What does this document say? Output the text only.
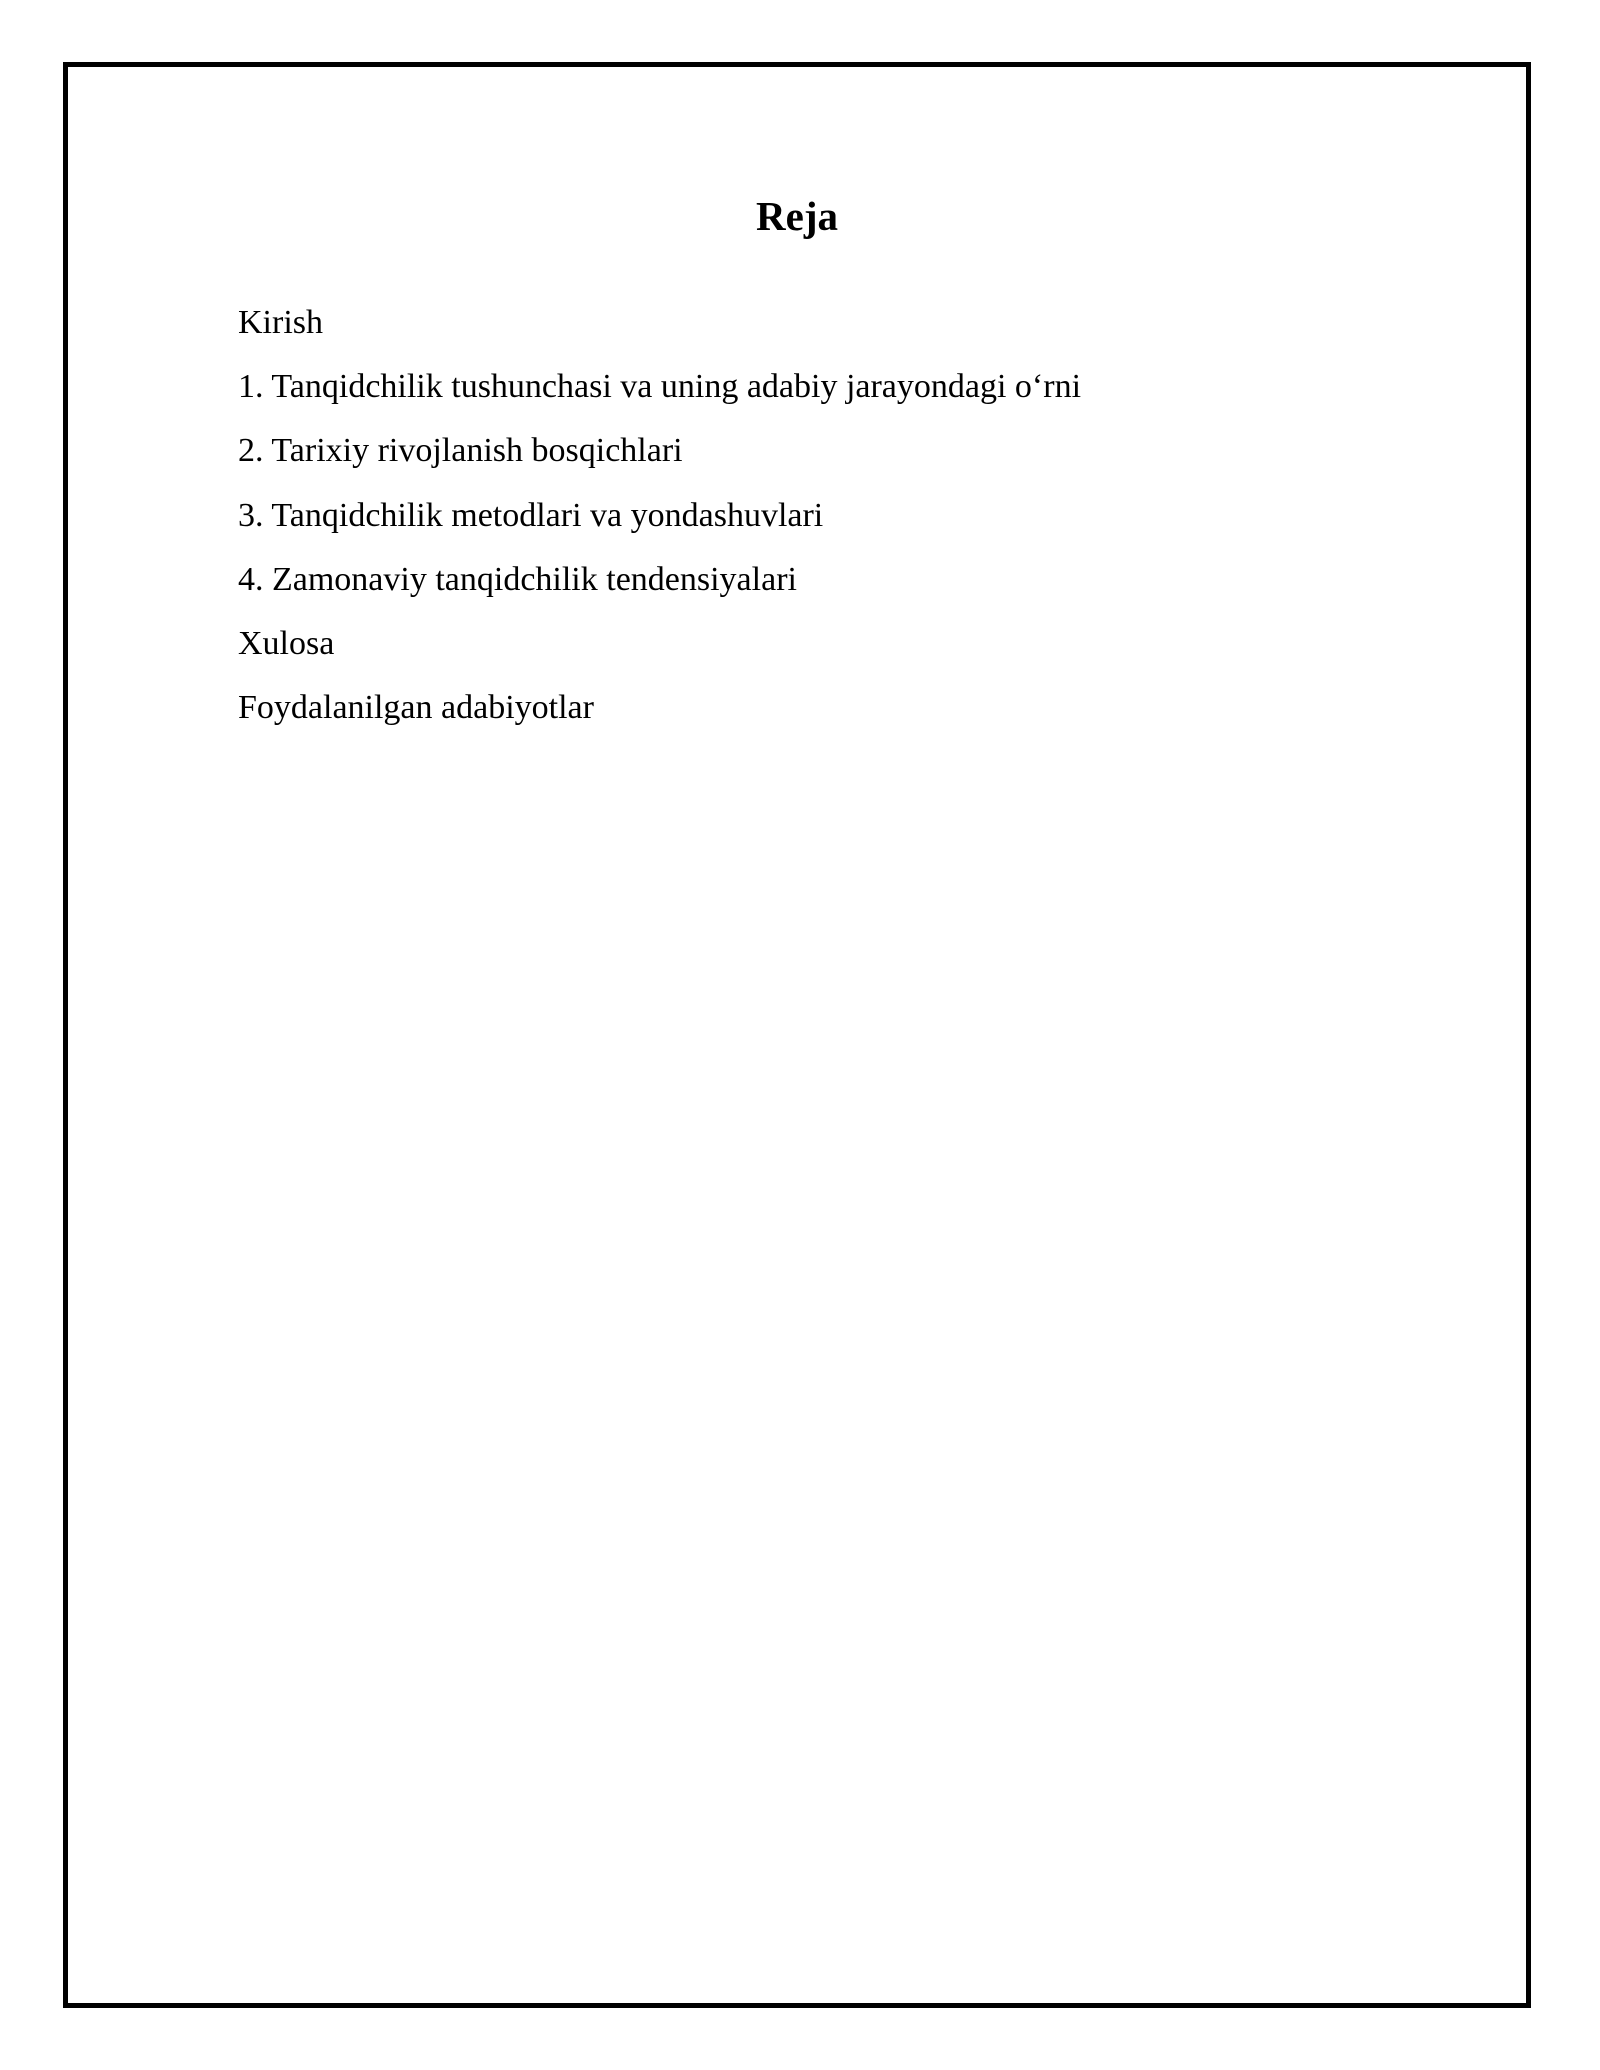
Reja
Kirish
1. Tanqidchilik tushunchasi va uning adabiy jarayondagi o‘rni
2. Tarixiy rivojlanish bosqichlari
3. Tanqidchilik metodlari va yondashuvlari
4. Zamonaviy tanqidchilik tendensiyalari
Xulosa
Foydalanilgan adabiyotlar
